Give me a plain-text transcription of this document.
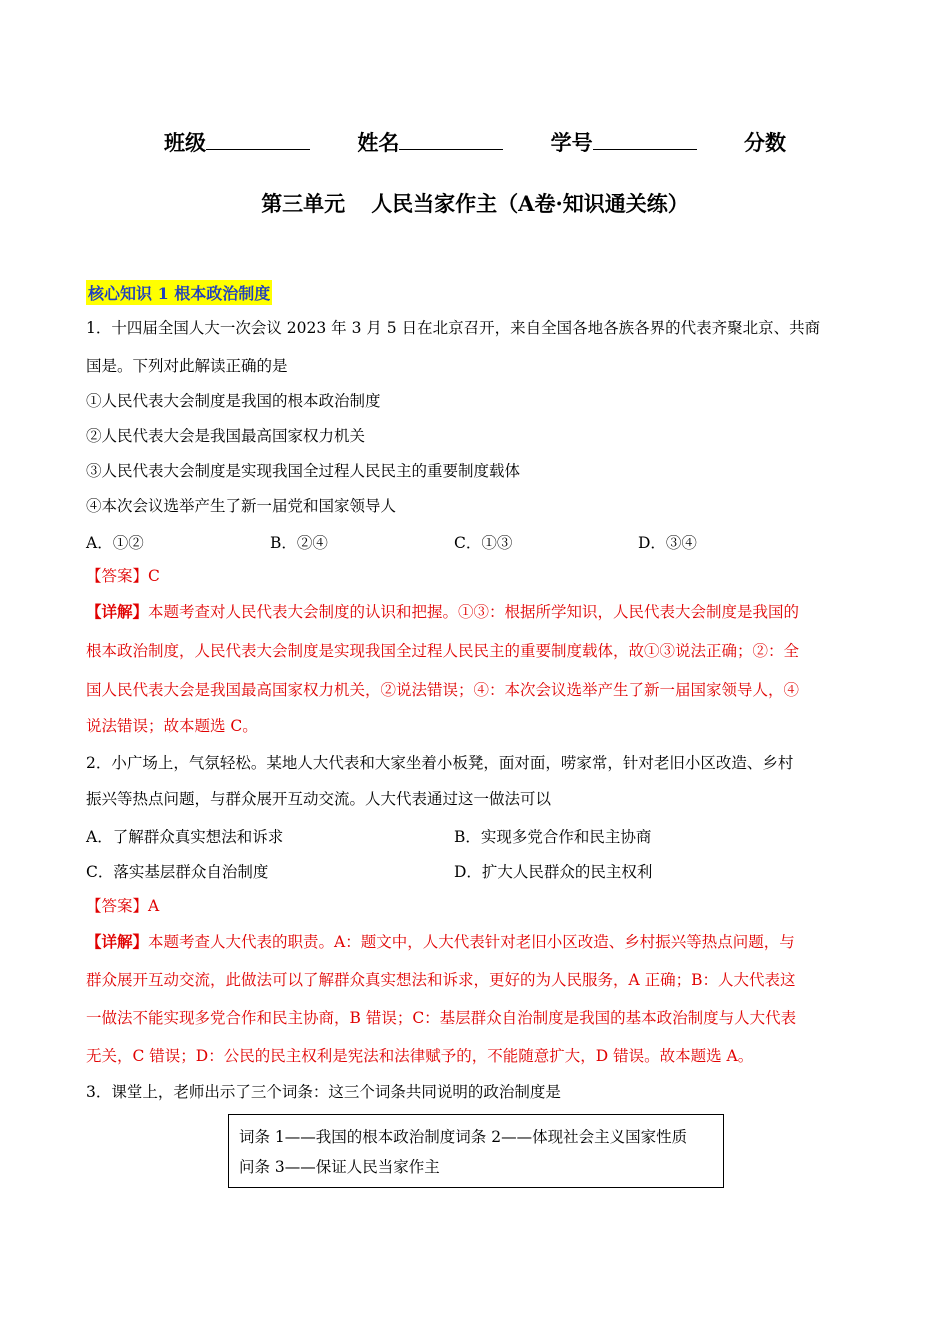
班级	姓名	学号	分数
第三单元 人民当家作主（A卷·知识通关练）
核心知识 1 根本政治制度
1．十四届全国人大一次会议 2023 年 3 月 5 日在北京召开，来自全国各地各族各界的代表齐聚北京、共商
国是。下列对此解读正确的是
①人民代表大会制度是我国的根本政治制度
②人民代表大会是我国最高国家权力机关
③人民代表大会制度是实现我国全过程人民民主的重要制度载体
④本次会议选举产生了新一届党和国家领导人
A．①②	B．②④	C．①③	D．③④
【答案】C
【详解】本题考查对人民代表大会制度的认识和把握。①③：根据所学知识，人民代表大会制度是我国的
根本政治制度，人民代表大会制度是实现我国全过程人民民主的重要制度载体，故①③说法正确；②：全
国人民代表大会是我国最高国家权力机关，②说法错误；④：本次会议选举产生了新一届国家领导人，④
说法错误；故本题选 C。
2．小广场上，气氛轻松。某地人大代表和大家坐着小板凳，面对面，唠家常，针对老旧小区改造、乡村
振兴等热点问题，与群众展开互动交流。人大代表通过这一做法可以
A．了解群众真实想法和诉求	B．实现多党合作和民主协商
C．落实基层群众自治制度	D．扩大人民群众的民主权利
【答案】A
【详解】本题考查人大代表的职责。A：题文中，人大代表针对老旧小区改造、乡村振兴等热点问题，与
群众展开互动交流，此做法可以了解群众真实想法和诉求，更好的为人民服务，A 正确；B：人大代表这
一做法不能实现多党合作和民主协商，B 错误；C：基层群众自治制度是我国的基本政治制度与人大代表
无关，C 错误；D：公民的民主权利是宪法和法律赋予的，不能随意扩大，D 错误。故本题选 A。
3．课堂上，老师出示了三个词条：这三个词条共同说明的政治制度是
词条 1——我国的根本政治制度词条 2——体现社会主义国家性质
问条 3——保证人民当家作主
